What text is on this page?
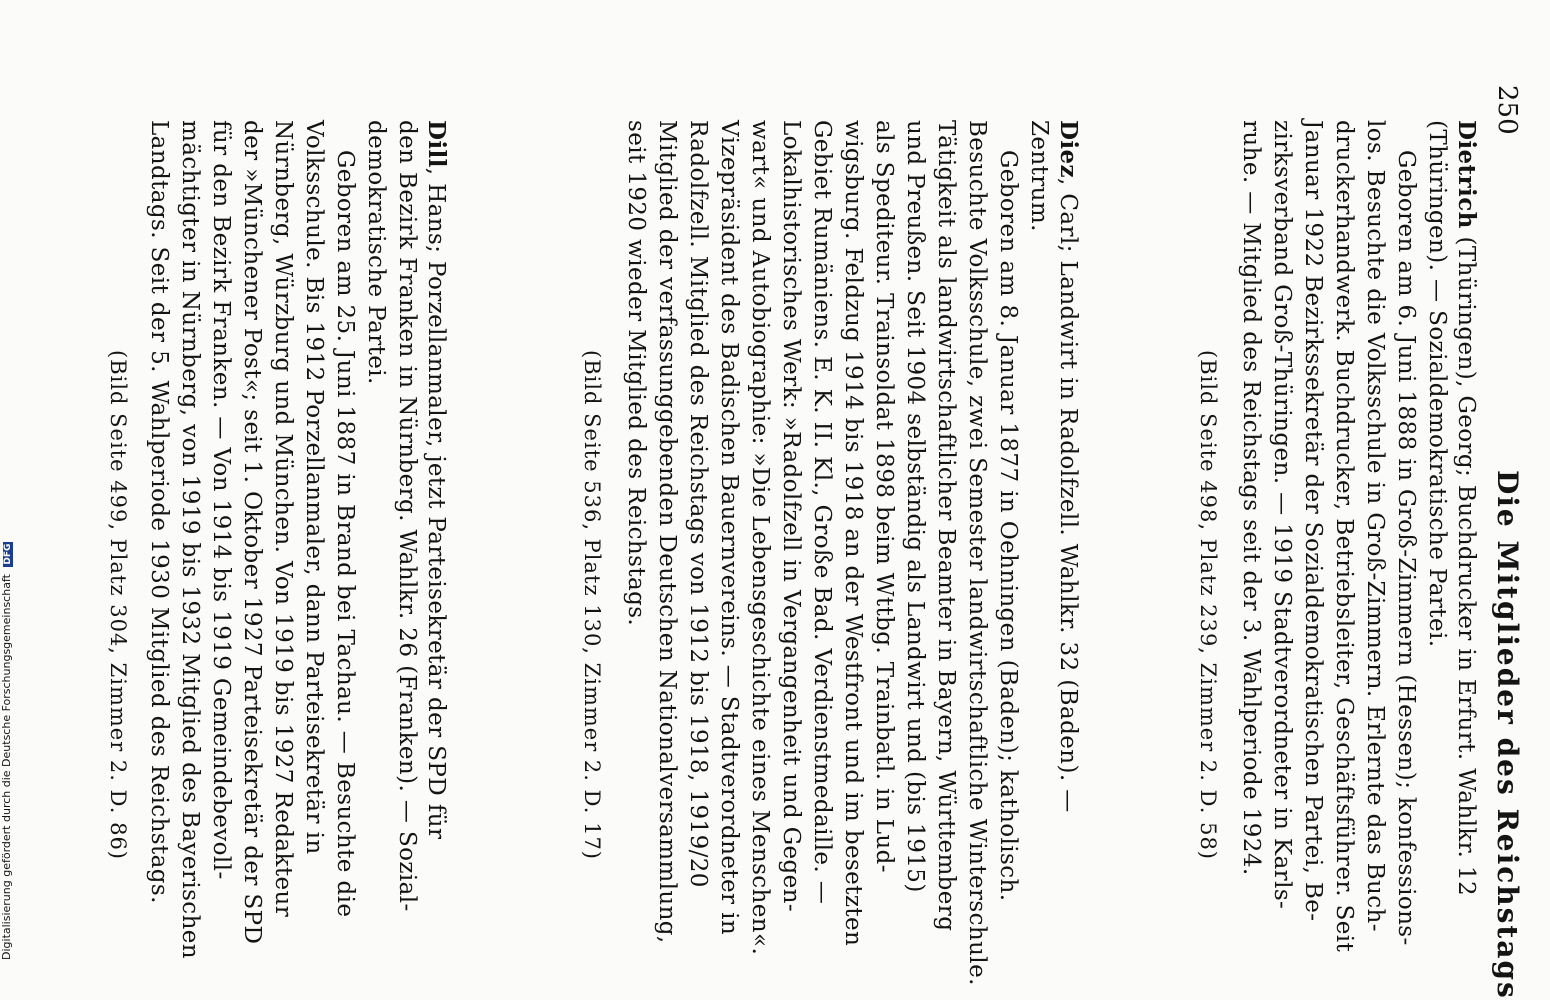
250
Die Mitglieder des Reichstags
Dietrich (Thüringen), Georg; Buchdrucker in Erfurt. Wahlkr. 12
(Thüringen). — Sozialdemokratische Partei.
Geboren am 6. Juni 1888 in Groß-Zimmern (Hessen); konfessions-
los. Besuchte die Volksschule in Groß-Zimmern. Erlernte das Buch-
druckerhandwerk. Buchdrucker, Betriebsleiter, Geschäftsführer. Seit
Januar 1922 Bezirkssekretär der Sozialdemokratischen Partei, Be-
zirksverband Groß-Thüringen. — 1919 Stadtverordneter in Karls-
ruhe. — Mitglied des Reichstags seit der 3. Wahlperiode 1924.
(Bild Seite 498, Platz 239, Zimmer 2. D. 58)
Diez, Carl; Landwirt in Radolfzell. Wahlkr. 32 (Baden). —
Zentrum.
Geboren am 8. Januar 1877 in Oehningen (Baden); katholisch.
Besuchte Volksschule, zwei Semester landwirtschaftliche Winterschule.
Tätigkeit als landwirtschaftlicher Beamter in Bayern, Württemberg
und Preußen. Seit 1904 selbständig als Landwirt und (bis 1915)
als Spediteur. Trainsoldat 1898 beim Wttbg. Trainbatl. in Lud-
wigsburg. Feldzug 1914 bis 1918 an der Westfront und im besetzten
Gebiet Rumäniens. E. K. II. Kl., Große Bad. Verdienstmedaille. —
Lokalhistorisches Werk: »Radolfzell in Vergangenheit und Gegen-
wart« und Autobiographie: »Die Lebensgeschichte eines Menschen«.
Vizepräsident des Badischen Bauernvereins. — Stadtverordneter in
Radolfzell. Mitglied des Reichstags von 1912 bis 1918, 1919/20
Mitglied der verfassunggebenden Deutschen Nationalversammlung,
seit 1920 wieder Mitglied des Reichstags.
(Bild Seite 536, Platz 130, Zimmer 2. D. 17)
Dill, Hans; Porzellanmaler, jetzt Parteisekretär der SPD für
den Bezirk Franken in Nürnberg. Wahlkr. 26 (Franken). — Sozial-
demokratische Partei.
Geboren am 25. Juni 1887 in Brand bei Tachau. — Besuchte die
Volksschule. Bis 1912 Porzellanmaler, dann Parteisekretär in
Nürnberg, Würzburg und München. Von 1919 bis 1927 Redakteur
der »Münchener Post«; seit 1. Oktober 1927 Parteisekretär der SPD
für den Bezirk Franken. — Von 1914 bis 1919 Gemeindebevoll-
mächtigter in Nürnberg, von 1919 bis 1932 Mitglied des Bayerischen
Landtags. Seit der 5. Wahlperiode 1930 Mitglied des Reichstags.
(Bild Seite 499, Platz 304, Zimmer 2. D. 86)
Digitalisierung gefördert durch die Deutsche Forschungsgemeinschaft DFG
